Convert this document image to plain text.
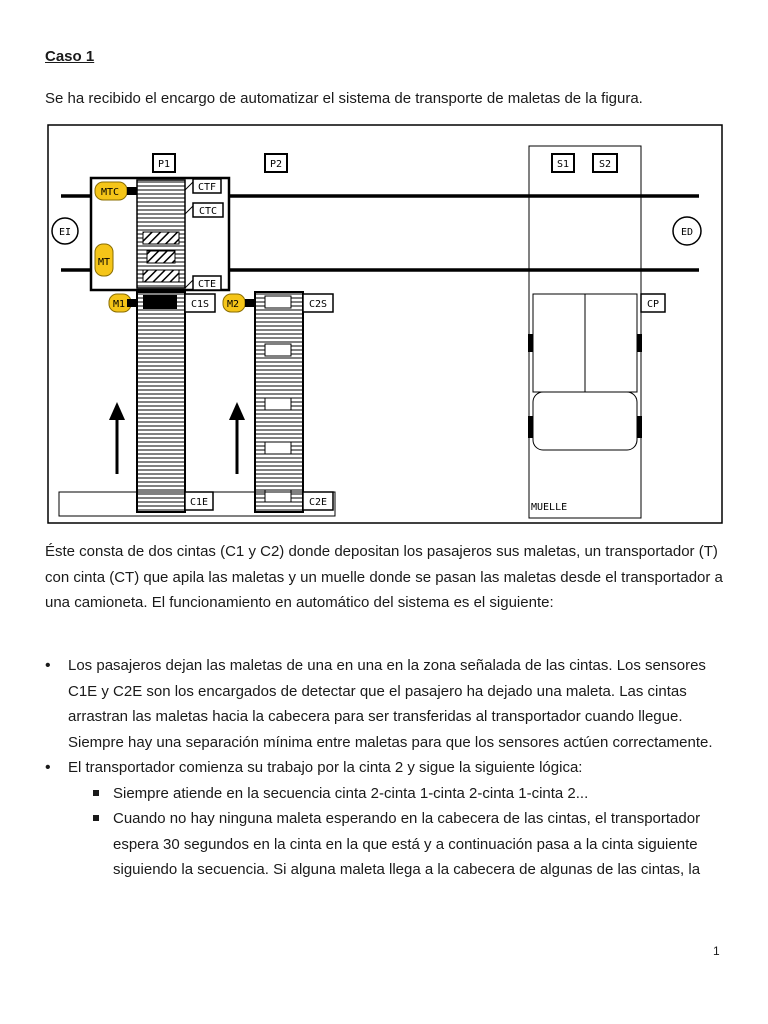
Caso 1

Se ha recibido el encargo de automatizar el sistema de transporte de maletas de la figura.

EI	ED
P1	P2
CTF
CTC
CTE
MTC
MT
M1	C1S
C1E
M2	C2S
C2E
S1	S2
MUELLE
CP

Éste consta de dos cintas (C1 y C2) donde depositan los pasajeros sus maletas, un transportador (T) con cinta (CT) que apila las maletas y un muelle donde se pasan las maletas desde el transportador a una camioneta. El funcionamiento en automático del sistema es el siguiente:

• Los pasajeros dejan las maletas de una en una en la zona señalada de las cintas. Los sensores C1E y C2E son los encargados de detectar que el pasajero ha dejado una maleta. Las cintas arrastran las maletas hacia la cabecera para ser transferidas al transportador cuando llegue. Siempre hay una separación mínima entre maletas para que los sensores actúen correctamente.
• El transportador comienza su trabajo por la cinta 2 y sigue la siguiente lógica:
Siempre atiende en la secuencia cinta 2-cinta 1-cinta 2-cinta 1-cinta 2...
Cuando no hay ninguna maleta esperando en la cabecera de las cintas, el transportador espera 30 segundos en la cinta en la que está y a continuación pasa a la cinta siguiente siguiendo la secuencia. Si alguna maleta llega a la cabecera de algunas de las cintas, la
1
